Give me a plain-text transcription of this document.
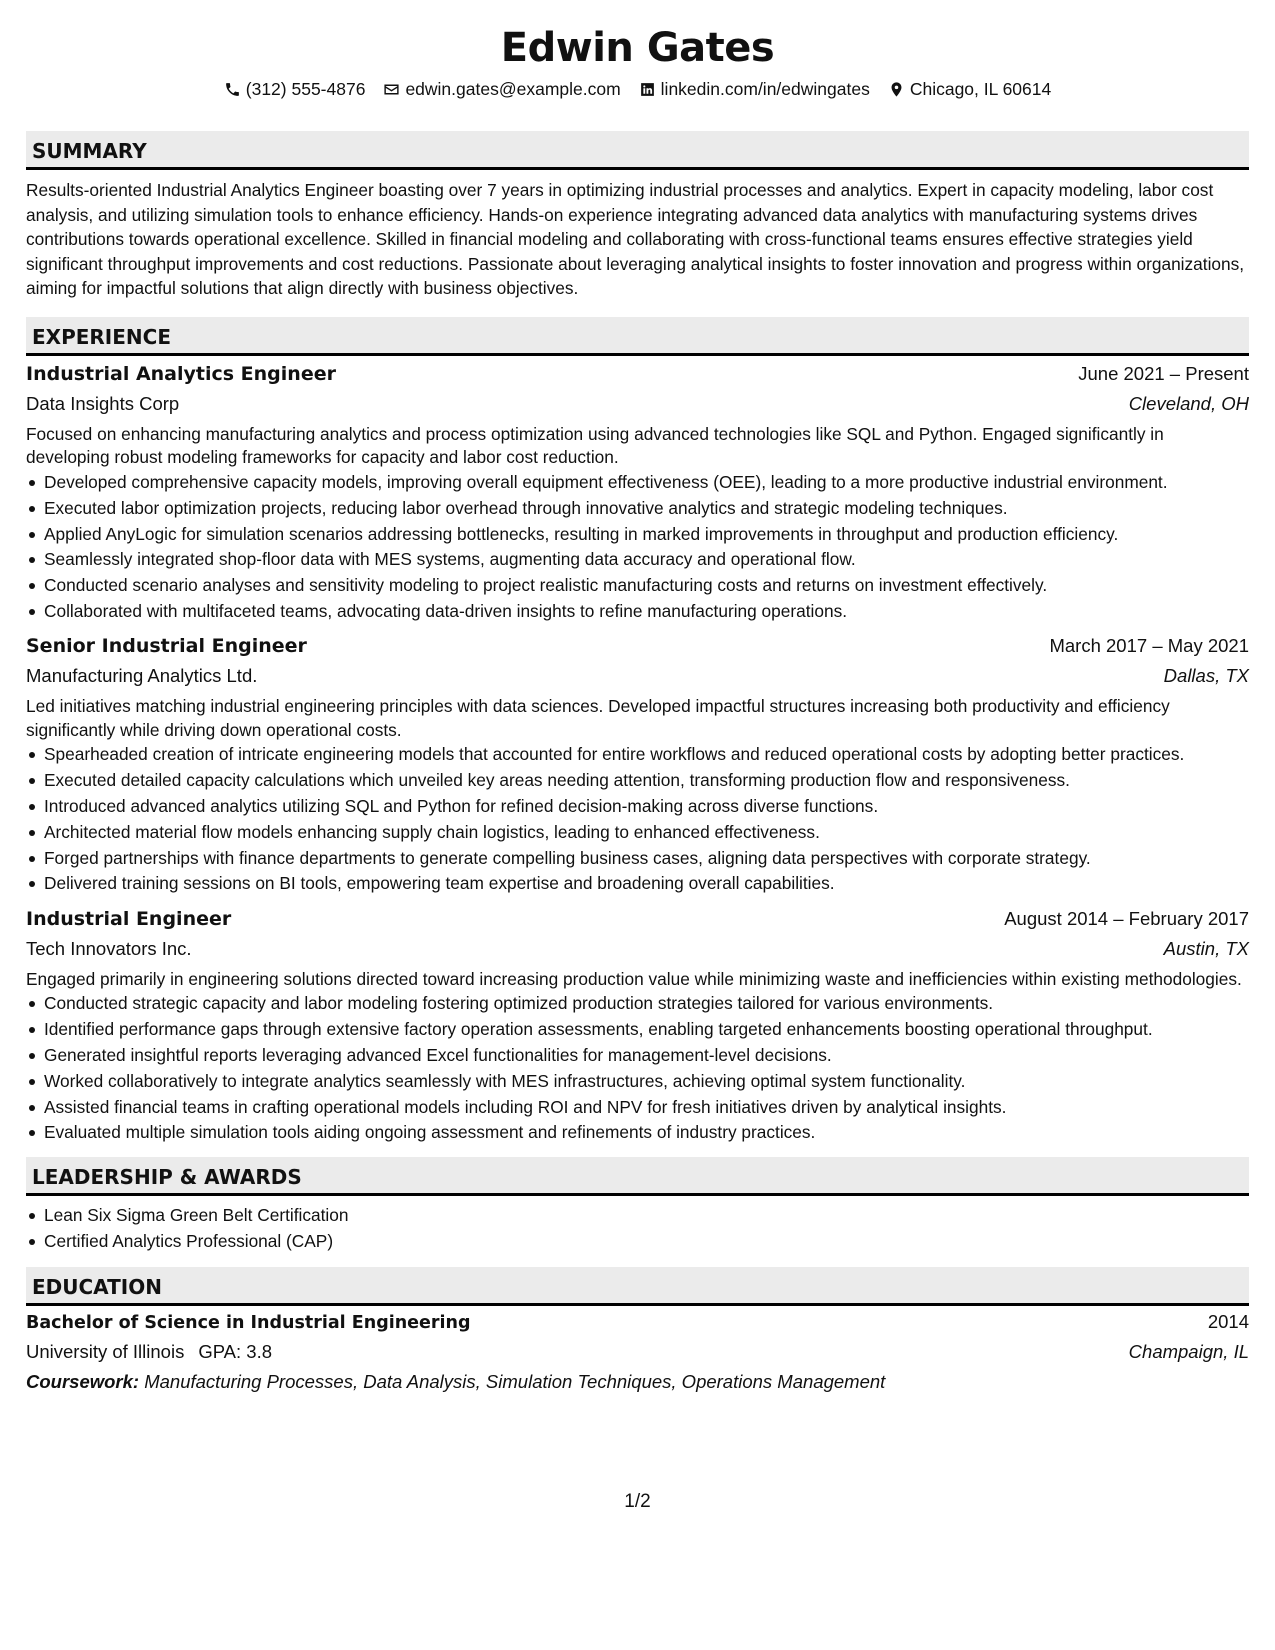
Edwin Gates
(312) 555-4876 edwin.gates@example.com linkedin.com/in/edwingates Chicago, IL 60614
SUMMARY

Results-oriented Industrial Analytics Engineer boasting over 7 years in optimizing industrial processes and analytics. Expert in capacity modeling, labor cost analysis, and utilizing simulation tools to enhance efficiency. Hands-on experience integrating advanced data analytics with manufacturing systems drives contributions towards operational excellence. Skilled in financial modeling and collaborating with cross-functional teams ensures effective strategies yield significant throughput improvements and cost reductions. Passionate about leveraging analytical insights to foster innovation and progress within organizations, aiming for impactful solutions that align directly with business objectives.

EXPERIENCE
Industrial Analytics Engineer	June 2021 – Present
Data Insights Corp	Cleveland, OH

Focused on enhancing manufacturing analytics and process optimization using advanced technologies like SQL and Python. Engaged significantly in developing robust modeling frameworks for capacity and labor cost reduction.

Developed comprehensive capacity models, improving overall equipment effectiveness (OEE), leading to a more productive industrial environment.
Executed labor optimization projects, reducing labor overhead through innovative analytics and strategic modeling techniques.
Applied AnyLogic for simulation scenarios addressing bottlenecks, resulting in marked improvements in throughput and production efficiency.
Seamlessly integrated shop-floor data with MES systems, augmenting data accuracy and operational flow.
Conducted scenario analyses and sensitivity modeling to project realistic manufacturing costs and returns on investment effectively.
Collaborated with multifaceted teams, advocating data-driven insights to refine manufacturing operations.
Senior Industrial Engineer	March 2017 – May 2021
Manufacturing Analytics Ltd.	Dallas, TX

Led initiatives matching industrial engineering principles with data sciences. Developed impactful structures increasing both productivity and efficiency significantly while driving down operational costs.

Spearheaded creation of intricate engineering models that accounted for entire workflows and reduced operational costs by adopting better practices.
Executed detailed capacity calculations which unveiled key areas needing attention, transforming production flow and responsiveness.
Introduced advanced analytics utilizing SQL and Python for refined decision-making across diverse functions.
Architected material flow models enhancing supply chain logistics, leading to enhanced effectiveness.
Forged partnerships with finance departments to generate compelling business cases, aligning data perspectives with corporate strategy.
Delivered training sessions on BI tools, empowering team expertise and broadening overall capabilities.
Industrial Engineer	August 2014 – February 2017
Tech Innovators Inc.	Austin, TX

Engaged primarily in engineering solutions directed toward increasing production value while minimizing waste and inefficiencies within existing methodologies.

Conducted strategic capacity and labor modeling fostering optimized production strategies tailored for various environments.
Identified performance gaps through extensive factory operation assessments, enabling targeted enhancements boosting operational throughput.
Generated insightful reports leveraging advanced Excel functionalities for management-level decisions.
Worked collaboratively to integrate analytics seamlessly with MES infrastructures, achieving optimal system functionality.
Assisted financial teams in crafting operational models including ROI and NPV for fresh initiatives driven by analytical insights.
Evaluated multiple simulation tools aiding ongoing assessment and refinements of industry practices.
LEADERSHIP & AWARDS
Lean Six Sigma Green Belt Certification
Certified Analytics Professional (CAP)
EDUCATION
Bachelor of Science in Industrial Engineering	2014
University of Illinois GPA: 3.8	Champaign, IL
Coursework: Manufacturing Processes, Data Analysis, Simulation Techniques, Operations Management
1/2
